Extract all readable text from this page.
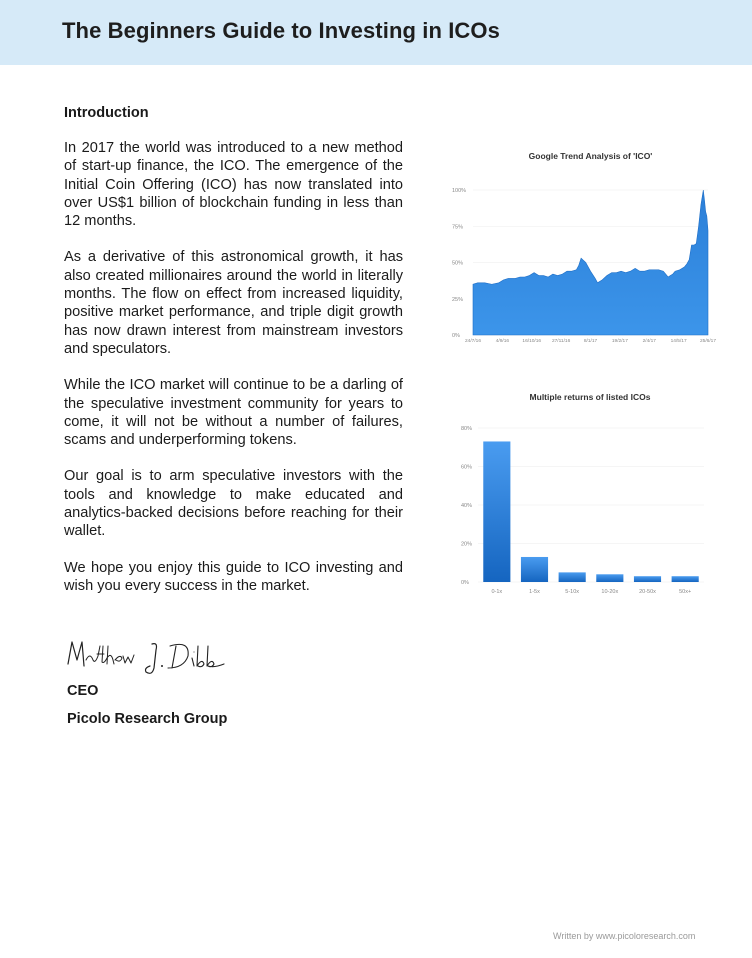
The Beginners Guide to Investing in ICOs
Introduction

In 2017 the world was introduced to a new method of start-up finance, the ICO. The emergence of the Initial Coin Offering (ICO) has now translated into over US$1 billion of blockchain funding in less than 12 months.

As a derivative of this astronomical growth, it has also created millionaires around the world in literally months. The flow on effect from increased liquidity, positive market performance, and triple digit growth has now drawn interest from mainstream investors and speculators.

While the ICO market will continue to be a darling of the speculative investment community for years to come, it will not be without a number of failures, scams and underperforming tokens.

Our goal is to arm speculative investors with the tools and knowledge to make educated and analytics-backed decisions before reaching for their wallet.

We hope you enjoy this guide to ICO investing and wish you every success in the market.

CEO
Picolo Research Group
Google Trend Analysis of 'ICO'
100%
75%
50%
25%
0%
24/7/16	4/9/16	16/10/16 27/11/16	8/1/17	19/2/17	2/4/17	14/5/17	25/6/17
Multiple returns of listed ICOs
80%
60%
40%
20%
0%
0-1x	1-5x	5-10x	10-20x	20-50x	50x+
Written by www.picoloresearch.com
